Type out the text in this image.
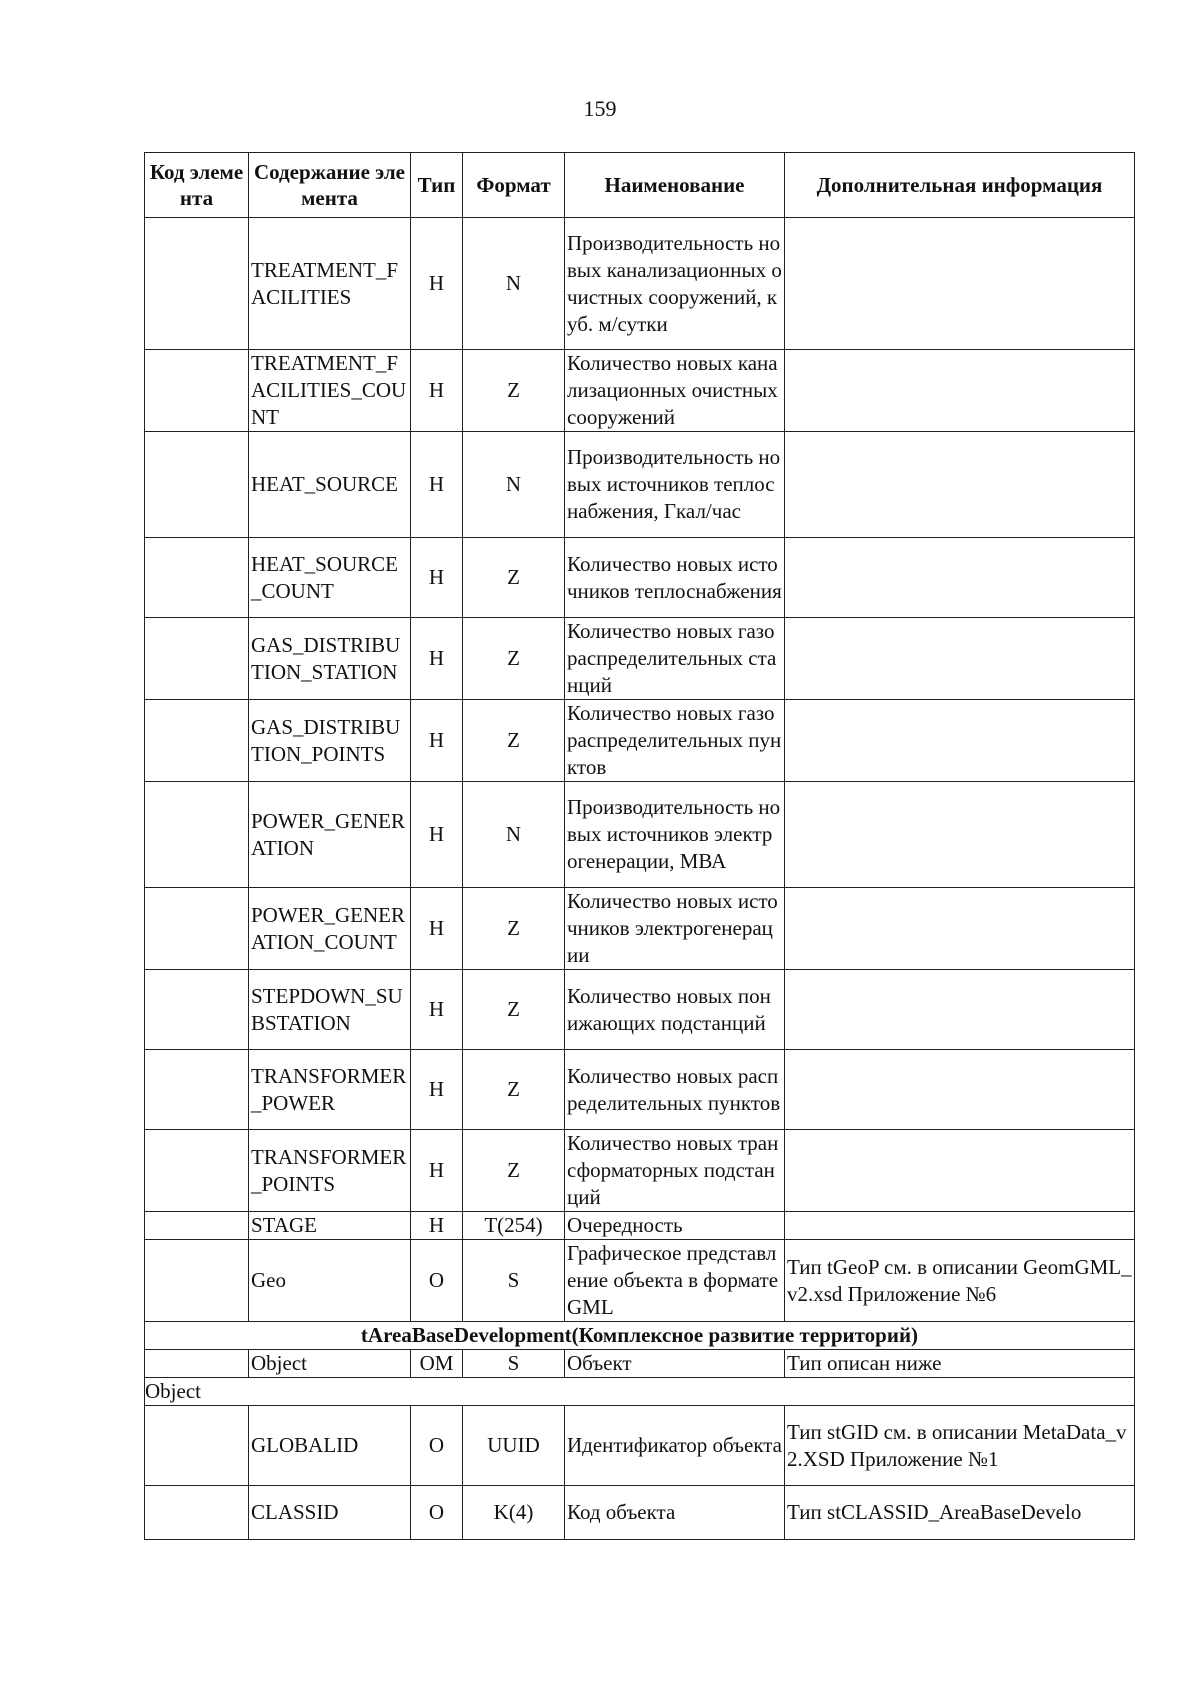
159
Код элемента	Содержание элемента	Тип	Формат	Наименование	Дополнительная информация
	TREATMENT_FACILITIES	H	N	Производительность новых канализационных очистных сооружений, куб. м/сутки	
	TREATMENT_FACILITIES_COUNT	H	Z	Количество новых канализационных очистных сооружений	
	HEAT_SOURCE	H	N	Производительность новых источников теплоснабжения, Гкал/час	
	HEAT_SOURCE_COUNT	H	Z	Количество новых источников теплоснабжения	
	GAS_DISTRIBUTION_STATION	H	Z	Количество новых газораспределительных станций	
	GAS_DISTRIBUTION_POINTS	H	Z	Количество новых газораспределительных пунктов	
	POWER_GENERATION	H	N	Производительность новых источников электрогенерации, МВА	
	POWER_GENERATION_COUNT	H	Z	Количество новых источников электрогенерации	
	STEPDOWN_SUBSTATION	H	Z	Количество новых понижающих подстанций	
	TRANSFORMER_POWER	H	Z	Количество новых распределительных пунктов	
	TRANSFORMER_POINTS	H	Z	Количество новых трансформаторных подстанций	
	STAGE	H	T(254)	Очередность	
	Geo	O	S	Графическое представление объекта в формате GML	Тип tGeoP см. в описании GeomGML_v2.xsd Приложение №6
tAreaBaseDevelopment(Комплексное развитие территорий)					
	Object	OM	S	Объект	Тип описан ниже
Object					
	GLOBALID	O	UUID	Идентификатор объекта	Тип stGID см. в описании MetaData_v2.XSD Приложение №1
	CLASSID	O	K(4)	Код объекта	Тип stCLASSID_AreaBaseDevelo
